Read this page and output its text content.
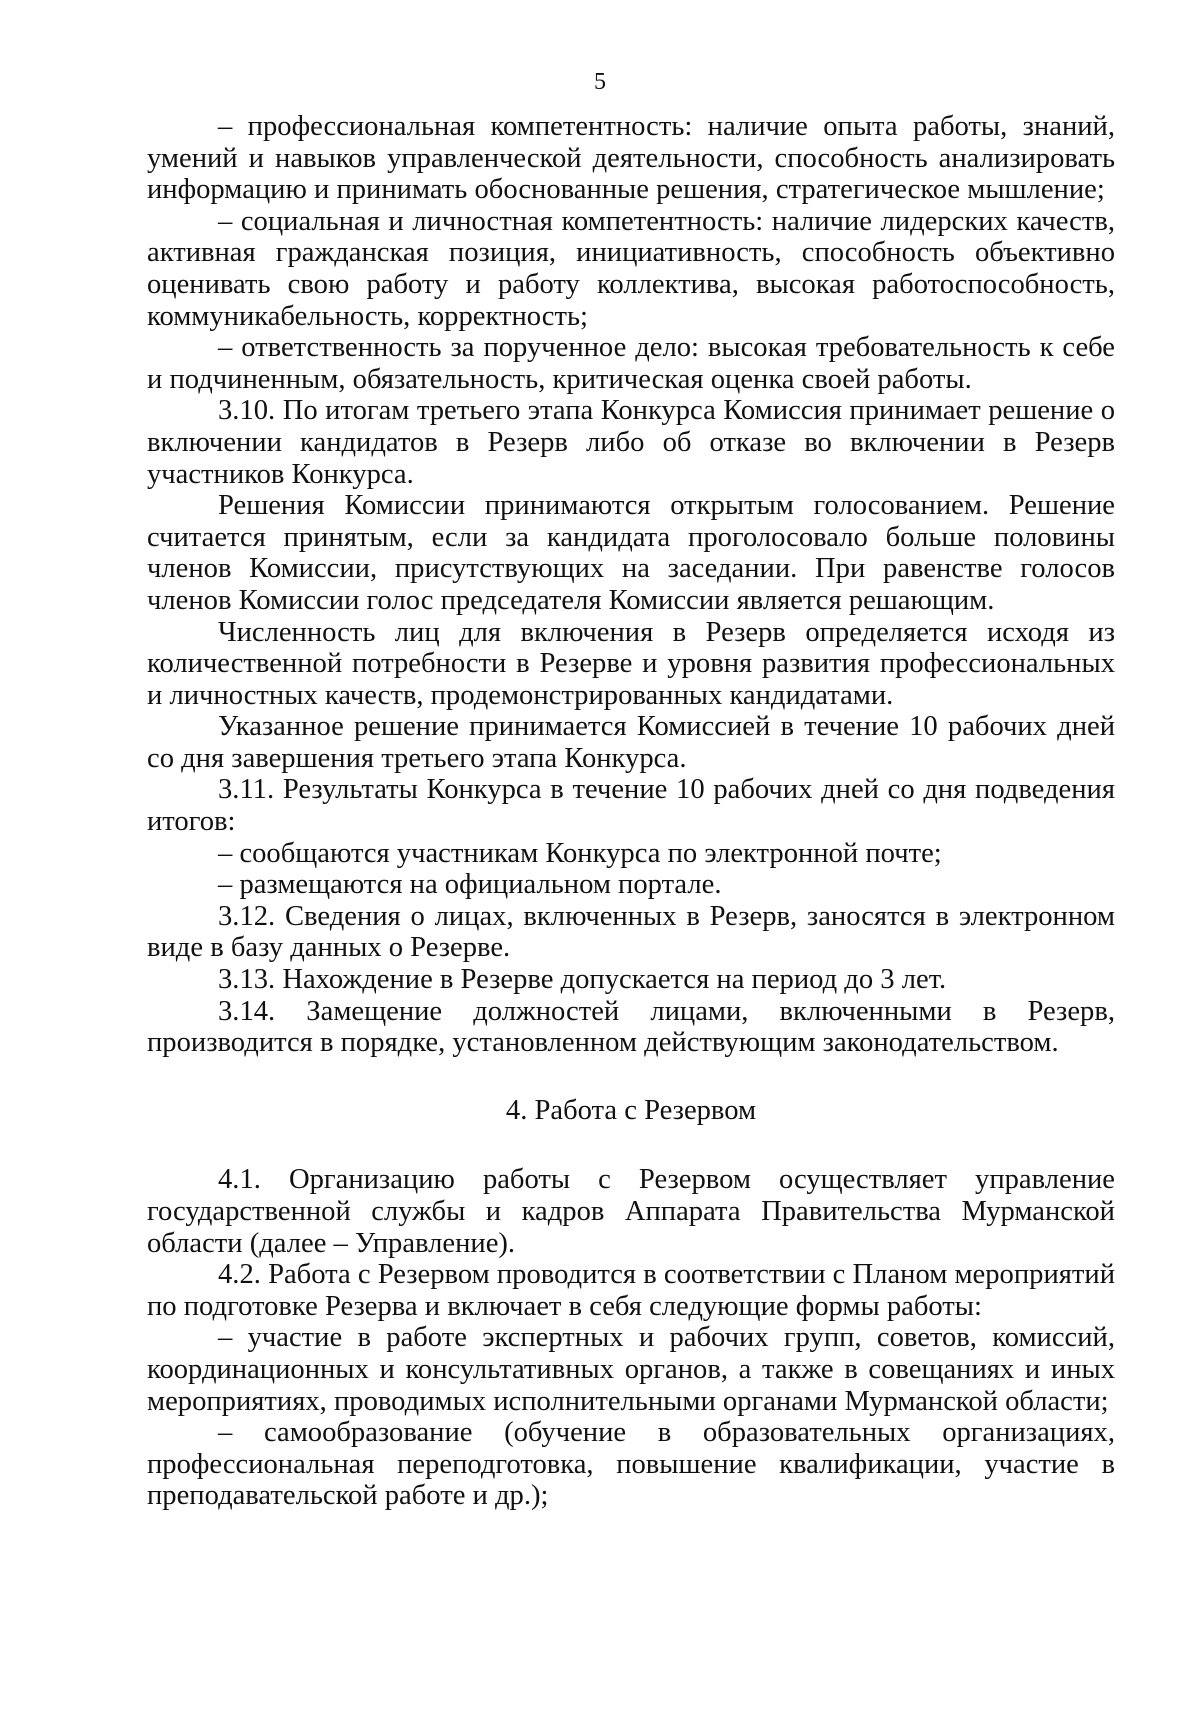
5

– профессиональная компетентность: наличие опыта работы, знаний, умений и навыков управленческой деятельности, способность анализировать информацию и принимать обоснованные решения, стратегическое мышление;

– социальная и личностная компетентность: наличие лидерских качеств, активная гражданская позиция, инициативность, способность объективно оценивать свою работу и работу коллектива, высокая работоспособность, коммуникабельность, корректность;

– ответственность за порученное дело: высокая требовательность к себе и подчиненным, обязательность, критическая оценка своей работы.

3.10. По итогам третьего этапа Конкурса Комиссия принимает решение о включении кандидатов в Резерв либо об отказе во включении в Резерв участников Конкурса.

Решения Комиссии принимаются открытым голосованием. Решение считается принятым, если за кандидата проголосовало больше половины членов Комиссии, присутствующих на заседании. При равенстве голосов членов Комиссии голос председателя Комиссии является решающим.

Численность лиц для включения в Резерв определяется исходя из количественной потребности в Резерве и уровня развития профессиональных и личностных качеств, продемонстрированных кандидатами.

Указанное решение принимается Комиссией в течение 10 рабочих дней со дня завершения третьего этапа Конкурса.

3.11. Результаты Конкурса в течение 10 рабочих дней со дня подведения итогов:

– сообщаются участникам Конкурса по электронной почте;

– размещаются на официальном портале.

3.12. Сведения о лицах, включенных в Резерв, заносятся в электронном виде в базу данных о Резерве.

3.13. Нахождение в Резерве допускается на период до 3 лет.

3.14. Замещение должностей лицами, включенными в Резерв, производится в порядке, установленном действующим законодательством.

4. Работа с Резервом

4.1. Организацию работы с Резервом осуществляет управление государственной службы и кадров Аппарата Правительства Мурманской области (далее – Управление).

4.2. Работа с Резервом проводится в соответствии с Планом мероприятий по подготовке Резерва и включает в себя следующие формы работы:

– участие в работе экспертных и рабочих групп, советов, комиссий, координационных и консультативных органов, а также в совещаниях и иных мероприятиях, проводимых исполнительными органами Мурманской области;

– самообразование (обучение в образовательных организациях, профессиональная переподготовка, повышение квалификации, участие в преподавательской работе и др.);
